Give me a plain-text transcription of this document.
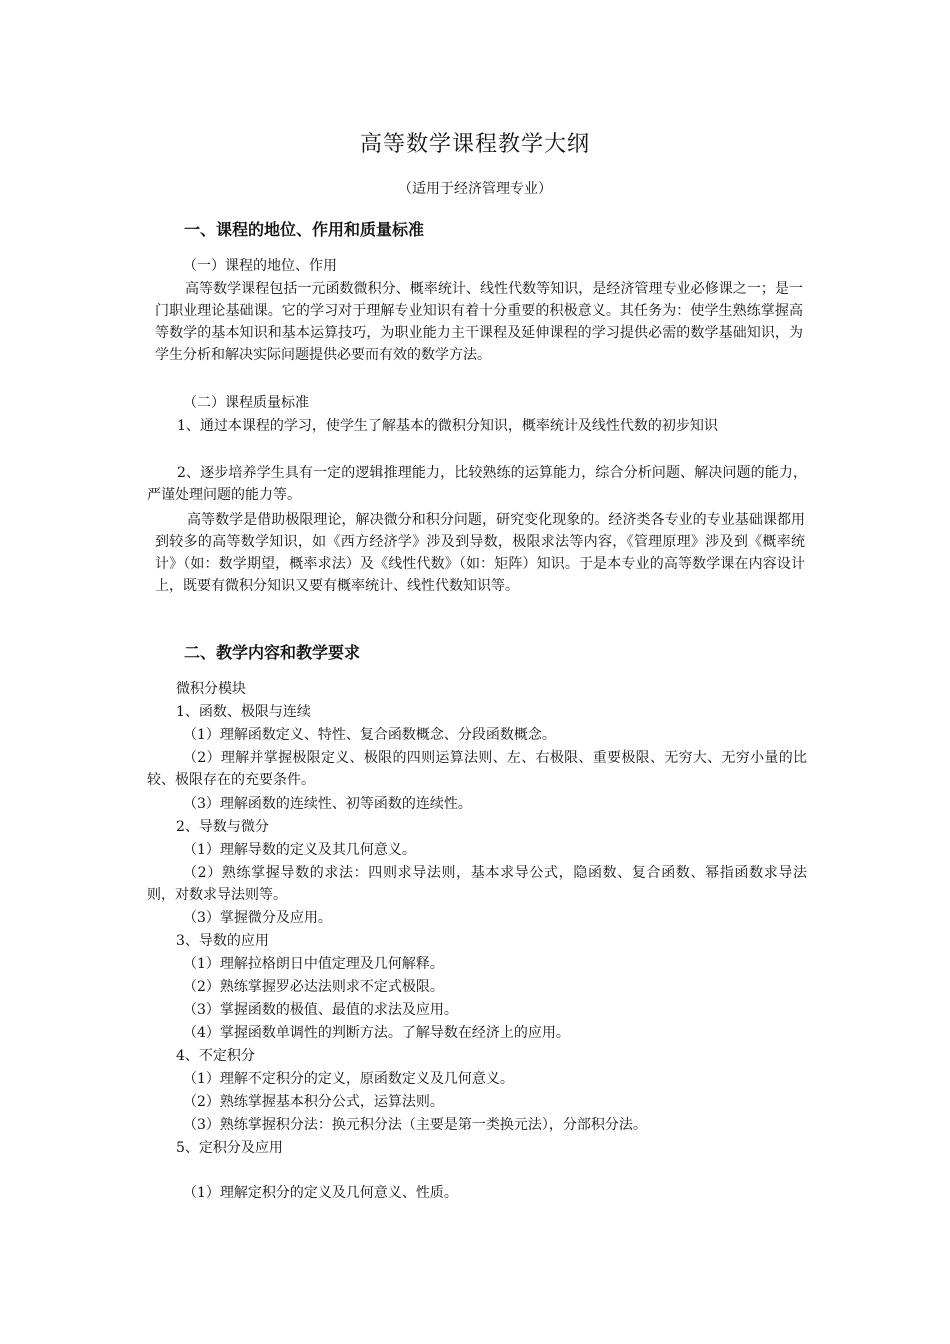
高等数学课程教学大纲
（适用于经济管理专业）
一、课程的地位、作用和质量标准
（一）课程的地位、作用
高等数学课程包括一元函数微积分、概率统计、线性代数等知识，是经济管理专业必修课之一；是一门职业理论基础课。它的学习对于理解专业知识有着十分重要的积极意义。其任务为：使学生熟练掌握高等数学的基本知识和基本运算技巧，为职业能力主干课程及延伸课程的学习提供必需的数学基础知识，为学生分析和解决实际问题提供必要而有效的数学方法。
（二）课程质量标准
1、通过本课程的学习，使学生了解基本的微积分知识，概率统计及线性代数的初步知识
2、逐步培养学生具有一定的逻辑推理能力，比较熟练的运算能力，综合分析问题、解决问题的能力，严谨处理问题的能力等。
高等数学是借助极限理论，解决微分和积分问题，研究变化现象的。经济类各专业的专业基础课都用到较多的高等数学知识，如《西方经济学》涉及到导数，极限求法等内容，《管理原理》涉及到《概率统计》（如：数学期望，概率求法）及《线性代数》（如：矩阵）知识。于是本专业的高等数学课在内容设计上，既要有微积分知识又要有概率统计、线性代数知识等。
二、教学内容和教学要求
微积分模块
1、函数、极限与连续
（1）理解函数定义、特性、复合函数概念、分段函数概念。
（2）理解并掌握极限定义、极限的四则运算法则、左、右极限、重要极限、无穷大、无穷小量的比较、极限存在的充要条件。
（3）理解函数的连续性、初等函数的连续性。
2、导数与微分
（1）理解导数的定义及其几何意义。
（2）熟练掌握导数的求法：四则求导法则，基本求导公式，隐函数、复合函数、幂指函数求导法则，对数求导法则等。
（3）掌握微分及应用。
3、导数的应用
（1）理解拉格朗日中值定理及几何解释。
（2）熟练掌握罗必达法则求不定式极限。
（3）掌握函数的极值、最值的求法及应用。
（4）掌握函数单调性的判断方法。了解导数在经济上的应用。
4、不定积分
（1）理解不定积分的定义，原函数定义及几何意义。
（2）熟练掌握基本积分公式，运算法则。
（3）熟练掌握积分法：换元积分法（主要是第一类换元法），分部积分法。
5、定积分及应用
（1）理解定积分的定义及几何意义、性质。
